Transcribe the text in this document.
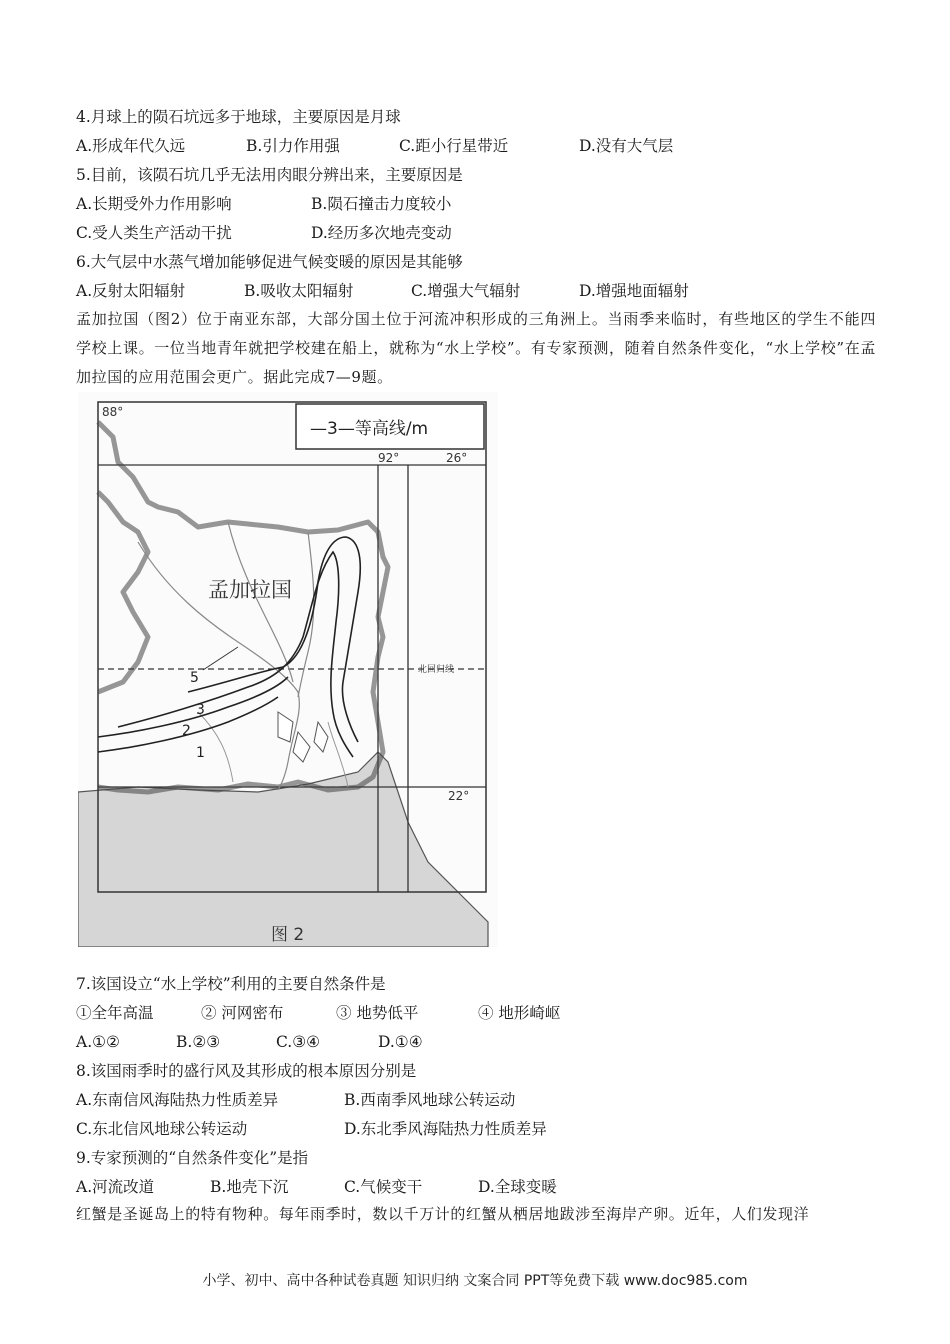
4.月球上的陨石坑远多于地球，主要原因是月球
A.形成年代久远	B.引力作用强	C.距小行星带近	D.没有大气层
5.目前，该陨石坑几乎无法用肉眼分辨出来，主要原因是
A.长期受外力作用影响	B.陨石撞击力度较小
C.受人类生产活动干扰	D.经历多次地壳变动
6.大气层中水蒸气增加能够促进气候变暖的原因是其能够
A.反射太阳辐射	B.吸收太阳辐射	C.增强大气辐射	D.增强地面辐射
孟加拉国（图2）位于南亚东部，大部分国土位于河流冲积形成的三角洲上。当雨季来临时，有些地区的学生不能四学校上课。一位当地青年就把学校建在船上，就称为“水上学校”。有专家预测，随着自然条件变化，“水上学校”在孟加拉国的应用范围会更广。据此完成7—9题。
—3—等高线/m
88°
92°	26°
22°
北回归线
孟加拉国
5
3
2
1
图 2
7.该国设立“水上学校”利用的主要自然条件是
①全年高温	② 河网密布	③ 地势低平	④ 地形崎岖
A.①②	B.②③	C.③④	D.①④
8.该国雨季时的盛行风及其形成的根本原因分别是
A.东南信风海陆热力性质差异	B.西南季风地球公转运动
C.东北信风地球公转运动	D.东北季风海陆热力性质差异
9.专家预测的“自然条件变化”是指
A.河流改道	B.地壳下沉	C.气候变干	D.全球变暖
红蟹是圣诞岛上的特有物种。每年雨季时，数以千万计的红蟹从栖居地跋涉至海岸产卵。近年，人们发现洋
小学、初中、高中各种试卷真题 知识归纳 文案合同 PPT等免费下载 www.doc985.com
